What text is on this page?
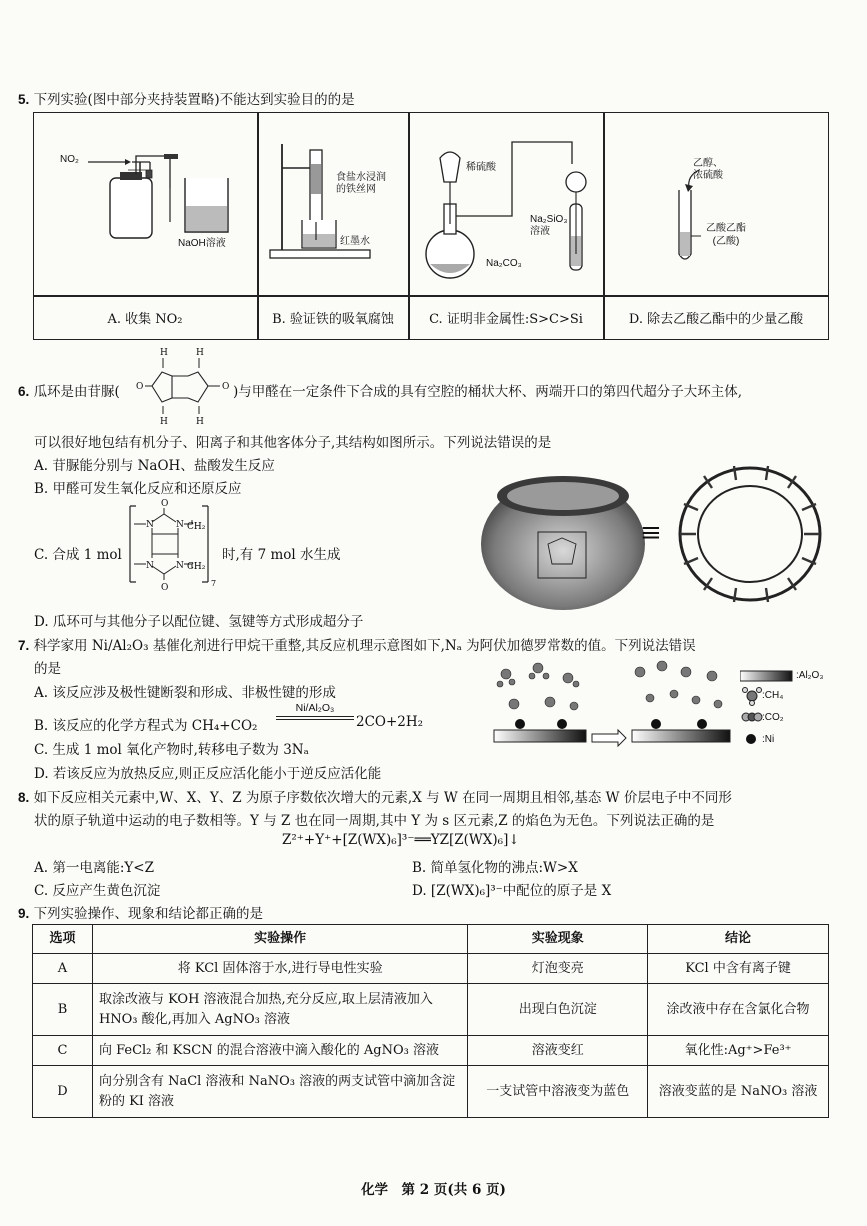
5. 下列实验(图中部分夹持装置略)不能达到实验目的的是
NO₂
NaOH溶液
食盐水浸润
的铁丝网
红墨水
稀硫酸
Na₂SiO₃
溶液
Na₂CO₃
乙醇、
浓硫酸
乙酸乙酯
(乙酸)
A. 收集 NO₂	B. 验证铁的吸氧腐蚀	C. 证明非金属性:S>C>Si	D. 除去乙酸乙酯中的少量乙酸
H	H
H	H
O	O
6. 瓜环是由苷脲(	)与甲醛在一定条件下合成的具有空腔的桶状大杯、两端开口的第四代超分子大环主体,
可以很好地包结有机分子、阳离子和其他客体分子,其结构如图所示。下列说法错误的是
A. 苷脲能分别与 NaOH、盐酸发生反应
B. 甲醛可发生氧化反应和还原反应
C. 合成 1 mol
O
O
N N
N N
CH₂
CH₂
7
时,有 7 mol 水生成
D. 瓜环可与其他分子以配位键、氢键等方式形成超分子
≡
7. 科学家用 Ni/Al₂O₃ 基催化剂进行甲烷干重整,其反应机理示意图如下,Nₐ 为阿伏加德罗常数的值。下列说法错误
的是
A. 该反应涉及极性键断裂和形成、非极性键的形成
B. 该反应的化学方程式为 CH₄+CO₂
Ni/Al₂O₃
2CO+2H₂
C. 生成 1 mol 氧化产物时,转移电子数为 3Nₐ
D. 若该反应为放热反应,则正反应活化能小于逆反应活化能
:Al₂O₃
:CH₄
:CO₂
:Ni
8. 如下反应相关元素中,W、X、Y、Z 为原子序数依次增大的元素,X 与 W 在同一周期且相邻,基态 W 价层电子中不同形
状的原子轨道中运动的电子数相等。Y 与 Z 也在同一周期,其中 Y 为 s 区元素,Z 的焰色为无色。下列说法正确的是
Z²⁺+Y⁺+[Z(WX)₆]³⁻══YZ[Z(WX)₆]↓
A. 第一电离能:Y<Z	B. 简单氢化物的沸点:W>X
C. 反应产生黄色沉淀	D. [Z(WX)₆]³⁻中配位的原子是 X
9. 下列实验操作、现象和结论都正确的是
选项	实验操作	实验现象	结论
A	将 KCl 固体溶于水,进行导电性实验	灯泡变亮	KCl 中含有离子键
B	取涂改液与 KOH 溶液混合加热,充分反应,取上层清液加入 HNO₃ 酸化,再加入 AgNO₃ 溶液	出现白色沉淀	涂改液中存在含氯化合物
C	向 FeCl₂ 和 KSCN 的混合溶液中滴入酸化的 AgNO₃ 溶液	溶液变红	氧化性:Ag⁺>Fe³⁺
D	向分别含有 NaCl 溶液和 NaNO₃ 溶液的两支试管中滴加含淀粉的 KI 溶液	一支试管中溶液变为蓝色	溶液变蓝的是 NaNO₃ 溶液
化学　第 2 页(共 6 页)
